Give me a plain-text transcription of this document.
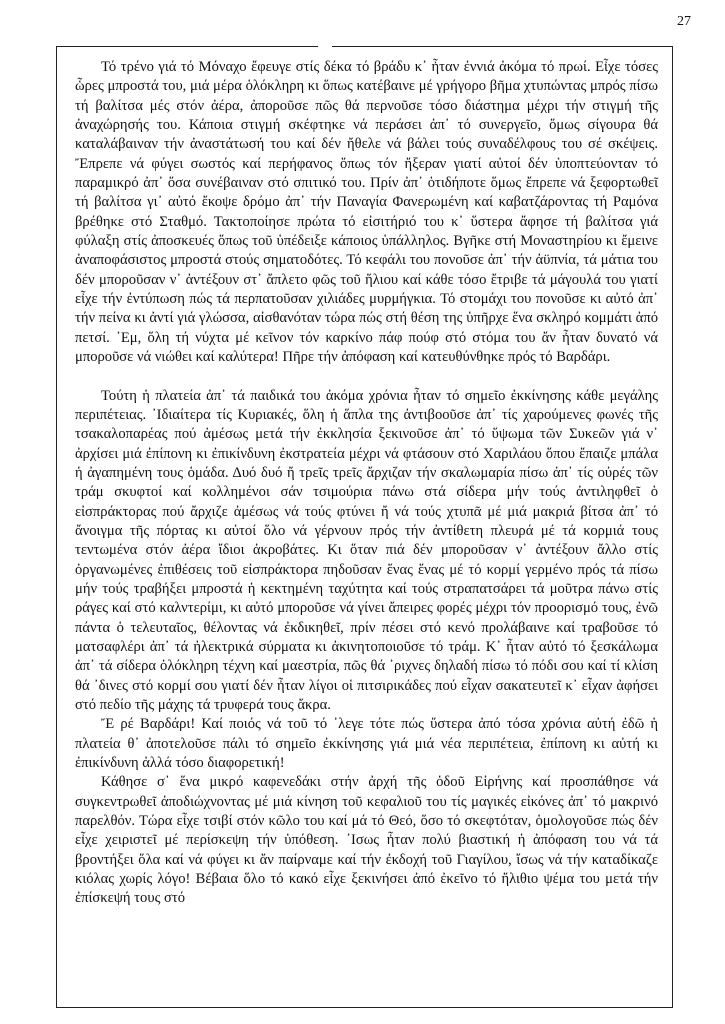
27

Τό τρένο γιά τό Μόναχο ἔφευγε στίς δέκα τό βράδυ κ᾽ ἦταν ἐννιά ἀκόμα τό πρωί. Εἶχε τόσες ὧρες μπροστά του, μιά μέρα ὁλόκληρη κι ὅπως κατέβαινε μέ γρήγορο βῆμα χτυπώντας μπρός πίσω τή βαλίτσα μές στόν ἀέρα, ἀποροῦσε πῶς θά περνοῦσε τόσο διάστημα μέχρι τήν στιγμή τῆς ἀναχώρησής του. Κάποια στιγμή σκέφτηκε νά περάσει ἀπ᾽ τό συνεργεῖο, ὅμως σίγουρα θά καταλάβαιναν τήν ἀναστάτωσή του καί δέν ἤθελε νά βάλει τούς συναδέλφους του σέ σκέψεις. Ἔπρεπε νά φύγει σωστός καί περήφανος ὅπως τόν ἤξεραν γιατί αὐτοί δέν ὑποπτεύονταν τό παραμικρό ἀπ᾽ ὅσα συνέβαιναν στό σπιτικό του. Πρίν ἀπ᾽ ὁτιδήποτε ὅμως ἔπρεπε νά ξεφορτωθεῖ τή βαλίτσα γι᾽ αὐτό ἔκοψε δρόμο ἀπ᾽ τήν Παναγία Φανερωμένη καί καβατζάροντας τή Ραμόνα βρέθηκε στό Σταθμό. Τακτοποίησε πρώτα τό εἰσιτήριό του κ᾽ ὕστερα ἄφησε τή βαλίτσα γιά φύλαξη στίς ἀποσκευές ὅπως τοῦ ὑπέδειξε κάποιος ὑπάλληλος. Βγῆκε στή Μοναστηρίου κι ἔμεινε ἀναποφάσιστος μπροστά στούς σηματοδότες. Τό κεφάλι του πονοῦσε ἀπ᾽ τήν ἀϋπνία, τά μάτια του δέν μποροῦσαν ν᾽ ἀντέξουν στ᾽ ἄπλετο φῶς τοῦ ἥλιου καί κάθε τόσο ἔτριβε τά μάγουλά του γιατί εἶχε τήν ἐντύπωση πώς τά περπατοῦσαν χιλιάδες μυρμήγκια. Τό στομάχι του πονοῦσε κι αὐτό ἀπ᾽ τήν πείνα κι ἀντί γιά γλώσσα, αἰσθανόταν τώρα πώς στή θέση της ὑπῆρχε ἕνα σκληρό κομμάτι ἀπό πετσί. ᾽Εμ, ὅλη τή νύχτα μέ κεῖνον τόν καρκίνο πάφ πούφ στό στόμα του ἄν ἦταν δυνατό νά μποροῦσε νά νιώθει καί καλύτερα! Πῆρε τήν ἀπόφαση καί κατευθύνθηκε πρός τό Βαρδάρι.

Τούτη ἡ πλατεία ἀπ᾽ τά παιδικά του ἀκόμα χρόνια ἦταν τό σημεῖο ἐκκίνησης κάθε μεγάλης περιπέτειας. ᾽Ιδιαίτερα τίς Κυριακές, ὅλη ἡ ἅπλα της ἀντιβοοῦσε ἀπ᾽ τίς χαρούμενες φωνές τῆς τσακαλοπαρέας πού ἀμέσως μετά τήν ἐκκλησία ξεκινοῦσε ἀπ᾽ τό ὕψωμα τῶν Συκεῶν γιά ν᾽ ἀρχίσει μιά ἐπίπονη κι ἐπικίνδυνη ἐκστρατεία μέχρι νά φτάσουν στό Χαριλάου ὅπου ἔπαιζε μπάλα ἡ ἀγαπημένη τους ὁμάδα. Δυό δυό ἤ τρεῖς τρεῖς ἄρχιζαν τήν σκαλωμαρία πίσω ἀπ᾽ τίς οὐρές τῶν τράμ σκυφτοί καί κολλημένοι σάν τσιμούρια πάνω στά σίδερα μήν τούς ἀντιληφθεῖ ὁ εἰσπράκτορας πού ἄρχιζε ἀμέσως νά τούς φτύνει ἤ νά τούς χτυπᾶ μέ μιά μακριά βίτσα ἀπ᾽ τό ἄνοιγμα τῆς πόρτας κι αὐτοί ὅλο νά γέρνουν πρός τήν ἀντίθετη πλευρά μέ τά κορμιά τους τεντωμένα στόν ἀέρα ἴδιοι ἀκροβάτες. Κι ὅταν πιά δέν μποροῦσαν ν᾽ ἀντέξουν ἄλλο στίς ὀργανωμένες ἐπιθέσεις τοῦ εἰσπράκτορα πηδοῦσαν ἕνας ἕνας μέ τό κορμί γερμένο πρός τά πίσω μήν τούς τραβήξει μπροστά ἡ κεκτημένη ταχύτητα καί τούς στραπατσάρει τά μοῦτρα πάνω στίς ράγες καί στό καλντερίμι, κι αὐτό μποροῦσε νά γίνει ἄπειρες φορές μέχρι τόν προορισμό τους, ἐνῶ πάντα ὁ τελευταῖος, θέλοντας νά ἐκδικηθεῖ, πρίν πέσει στό κενό προλάβαινε καί τραβοῦσε τό ματσαφλέρι ἀπ᾽ τά ἠλεκτρικά σύρματα κι ἀκινητοποιοῦσε τό τράμ. Κ᾽ ἦταν αὐτό τό ξεσκάλωμα ἀπ᾽ τά σίδερα ὁλόκληρη τέχνη καί μαεστρία, πῶς θά ᾽ριχνες δηλαδή πίσω τό πόδι σου καί τί κλίση θά ᾽δινες στό κορμί σου γιατί δέν ἦταν λίγοι οἱ πιτσιρικάδες πού εἶχαν σακατευτεῖ κ᾽ εἶχαν ἀφήσει στό πεδίο τῆς μάχης τά τρυφερά τους ἄκρα.

Ἔ ρέ Βαρδάρι! Καί ποιός νά τοῦ τό ᾽λεγε τότε πώς ὕστερα ἀπό τόσα χρόνια αὐτή ἐδῶ ἡ πλατεία θ᾽ ἀποτελοῦσε πάλι τό σημεῖο ἐκκίνησης γιά μιά νέα περιπέτεια, ἐπίπονη κι αὐτή κι ἐπικίνδυνη ἀλλά τόσο διαφορετική!

Κάθησε σ᾽ ἕνα μικρό καφενεδάκι στήν ἀρχή τῆς ὁδοῦ Εἰρήνης καί προσπάθησε νά συγκεντρωθεῖ ἀποδιώχνοντας μέ μιά κίνηση τοῦ κεφαλιοῦ του τίς μαγικές εἰκόνες ἀπ᾽ τό μακρινό παρελθόν. Τώρα εἶχε τσιβί στόν κῶλο του καί μά τό Θεό, ὅσο τό σκεφτόταν, ὁμολογοῦσε πώς δέν εἶχε χειριστεῖ μέ περίσκεψη τήν ὑπόθεση. ᾽Ισως ἦταν πολύ βιαστική ἡ ἀπόφαση του νά τά βροντήξει ὅλα καί νά φύγει κι ἄν παίρναμε καί τήν ἐκδοχή τοῦ Γιαγίλου, ἴσως νά τήν καταδίκαζε κιόλας χωρίς λόγο! Βέβαια ὅλο τό κακό εἶχε ξεκινήσει ἀπό ἐκεῖνο τό ἤλιθιο ψέμα του μετά τήν ἐπίσκεψή τους στό
